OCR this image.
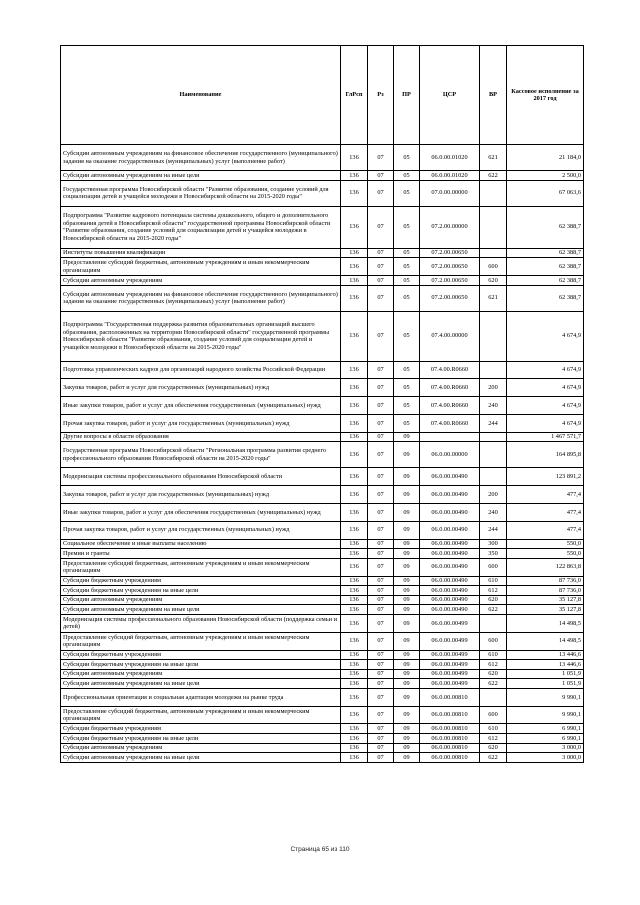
Наименование	ГлРсп	Рз	ПР	ЦСР	ВР	Кассовое исполнение за 2017 год
Субсидии автономным учреждениям на финансовое обеспечение государственного (муниципального) задания на оказание государственных (муниципальных) услуг (выполнение работ)	136	07	05	06.0.00.01020	621	21 184,0
Субсидии автономным учреждениям на иные цели	136	07	05	06.0.00.01020	622	2 500,0
Государственная программа Новосибирской области "Развитие образования, создание условий для социализации детей и учащейся молодежи в Новосибирской области на 2015-2020 годы"	136	07	05	07.0.00.00000		67 063,6
Подпрограмма "Развитие кадрового потенциала системы дошкольного, общего и дополнительного образования детей в Новосибирской области" государственной программы Новосибирской области "Развитие образования, создание условий для социализации детей и учащейся молодежи в Новосибирской области на 2015-2020 годы"	136	07	05	07.2.00.00000		62 388,7
Институты повышения квалификации	136	07	05	07.2.00.00650		62 388,7
Предоставление субсидий бюджетным, автономным учреждениям и иным некоммерческим организациям	136	07	05	07.2.00.00650	600	62 388,7
Субсидии автономным учреждениям	136	07	05	07.2.00.00650	620	62 388,7
Субсидии автономным учреждениям на финансовое обеспечение государственного (муниципального) задания на оказание государственных (муниципальных) услуг (выполнение работ)	136	07	05	07.2.00.00650	621	62 388,7
Подпрограмма "Государственная поддержка развития образовательных организаций высшего образования, расположенных на территории Новосибирской области" государственной программы Новосибирской области "Развитие образования, создание условий для социализации детей и учащейся молодежи в Новосибирской области на 2015-2020 годы"	136	07	05	07.4.00.00000		4 674,9
Подготовка управленческих кадров для организаций народного хозяйства Российской Федерации	136	07	05	07.4.00.R0660		4 674,9
Закупка товаров, работ и услуг для государственных (муниципальных) нужд	136	07	05	07.4.00.R0660	200	4 674,9
Иные закупки товаров, работ и услуг для обеспечения государственных (муниципальных) нужд	136	07	05	07.4.00.R0660	240	4 674,9
Прочая закупка товаров, работ и услуг для государственных (муниципальных) нужд	136	07	05	07.4.00.R0660	244	4 674,9
Другие вопросы в области образования	136	07	09			1 467 571,7
Государственная программа Новосибирской области "Региональная программа развития среднего профессионального образования Новосибирской области на 2015-2020 годы"	136	07	09	06.0.00.00000		164 895,8
Модернизация системы профессионального образования Новосибирской области	136	07	09	06.0.00.00490		123 891,2
Закупка товаров, работ и услуг для государственных (муниципальных) нужд	136	07	09	06.0.00.00490	200	477,4
Иные закупки товаров, работ и услуг для обеспечения государственных (муниципальных) нужд	136	07	09	06.0.00.00490	240	477,4
Прочая закупка товаров, работ и услуг для государственных (муниципальных) нужд	136	07	09	06.0.00.00490	244	477,4
Социальное обеспечение и иные выплаты населению	136	07	09	06.0.00.00490	300	550,0
Премии и гранты	136	07	09	06.0.00.00490	350	550,0
Предоставление субсидий бюджетным, автономным учреждениям и иным некоммерческим организациям	136	07	09	06.0.00.00490	600	122 863,8
Субсидии бюджетным учреждениям	136	07	09	06.0.00.00490	610	87 736,0
Субсидии бюджетным учреждениям на иные цели	136	07	09	06.0.00.00490	612	87 736,0
Субсидии автономным учреждениям	136	07	09	06.0.00.00490	620	35 127,8
Субсидии автономным учреждениям на иные цели	136	07	09	06.0.00.00490	622	35 127,8
Модернизация системы профессионального образования Новосибирской области (поддержка семьи и детей)	136	07	09	06.0.00.00499		14 498,5
Предоставление субсидий бюджетным, автономным учреждениям и иным некоммерческим организациям	136	07	09	06.0.00.00499	600	14 498,5
Субсидии бюджетным учреждениям	136	07	09	06.0.00.00499	610	13 446,6
Субсидии бюджетным учреждениям на иные цели	136	07	09	06.0.00.00499	612	13 446,6
Субсидии автономным учреждениям	136	07	09	06.0.00.00499	620	1 051,9
Субсидии автономным учреждениям на иные цели	136	07	09	06.0.00.00499	622	1 051,9
Профессиональная ориентация и социальная адаптация молодежи на рынке труда	136	07	09	06.0.00.00810		9 990,1
Предоставление субсидий бюджетным, автономным учреждениям и иным некоммерческим организациям	136	07	09	06.0.00.00810	600	9 990,1
Субсидии бюджетным учреждениям	136	07	09	06.0.00.00810	610	6 990,1
Субсидии бюджетным учреждениям на иные цели	136	07	09	06.0.00.00810	612	6 990,1
Субсидии автономным учреждениям	136	07	09	06.0.00.00810	620	3 000,0
Субсидии автономным учреждениям на иные цели	136	07	09	06.0.00.00810	622	3 000,0
Страница 65 из 110
